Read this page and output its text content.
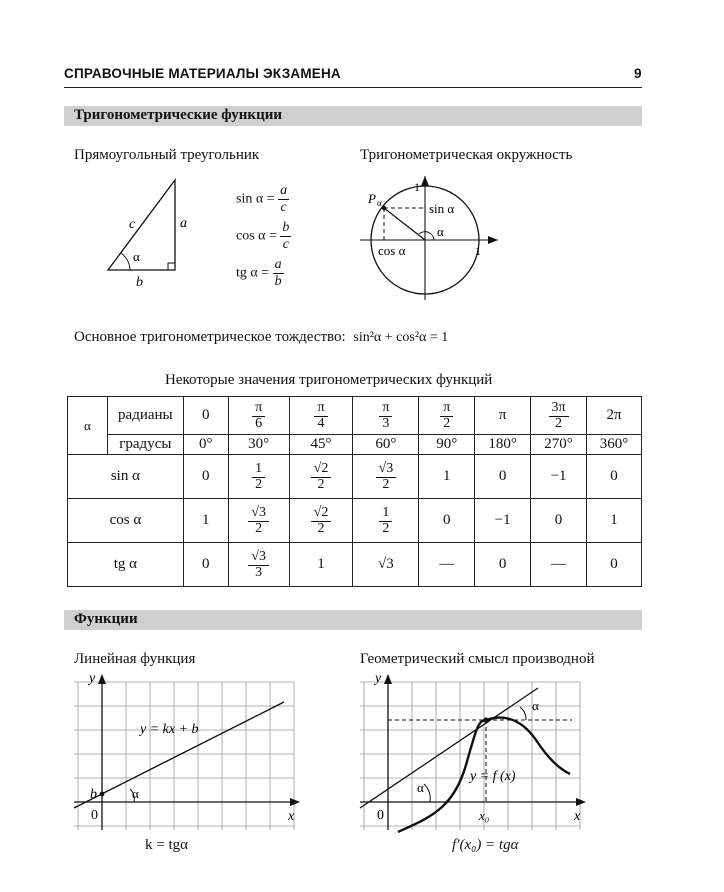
СПРАВОЧНЫЕ МАТЕРИАЛЫ ЭКЗАМЕНА	9
Тригонометрические функции
Прямоугольный треугольник
c	a
b
α
$\sin \alpha = \frac{a}{c}$
$\cos \alpha = \frac{b}{c}$
tg $\alpha = \frac{a}{b}$
Тригонометрическая окружность
P α	sin α
cos α
α
1
1
Основное тригонометрическое тождество: sin²α + cos²α = 1
Некоторые значения тригонометрических функций
α	радианы	0	$\frac{\pi}{6}$	$\frac{\pi}{4}$	$\frac{\pi}{3}$	$\frac{\pi}{2}$	π	$\frac{3\pi}{2}$	2π
	градусы	0°	30°	45°	60°	90°	180°	270°	360°
sin α		0	$\frac{1}{2}$	$\frac{√2}{2}$	$\frac{√3}{2}$	1	0	−1	0
cos α		1	$\frac{√3}{2}$	$\frac{√2}{2}$	$\frac{1}{2}$	0	−1	0	1
tg α		0	$\frac{√3}{3}$	1	√3	—	0	—	0
Функции
Линейная функция
y = kx + b
y
x
0
b	α
k = tgα
Геометрический смысл производной
y
x
0	x₀
α
α
y = f (x)
f′(x₀) = tgα
